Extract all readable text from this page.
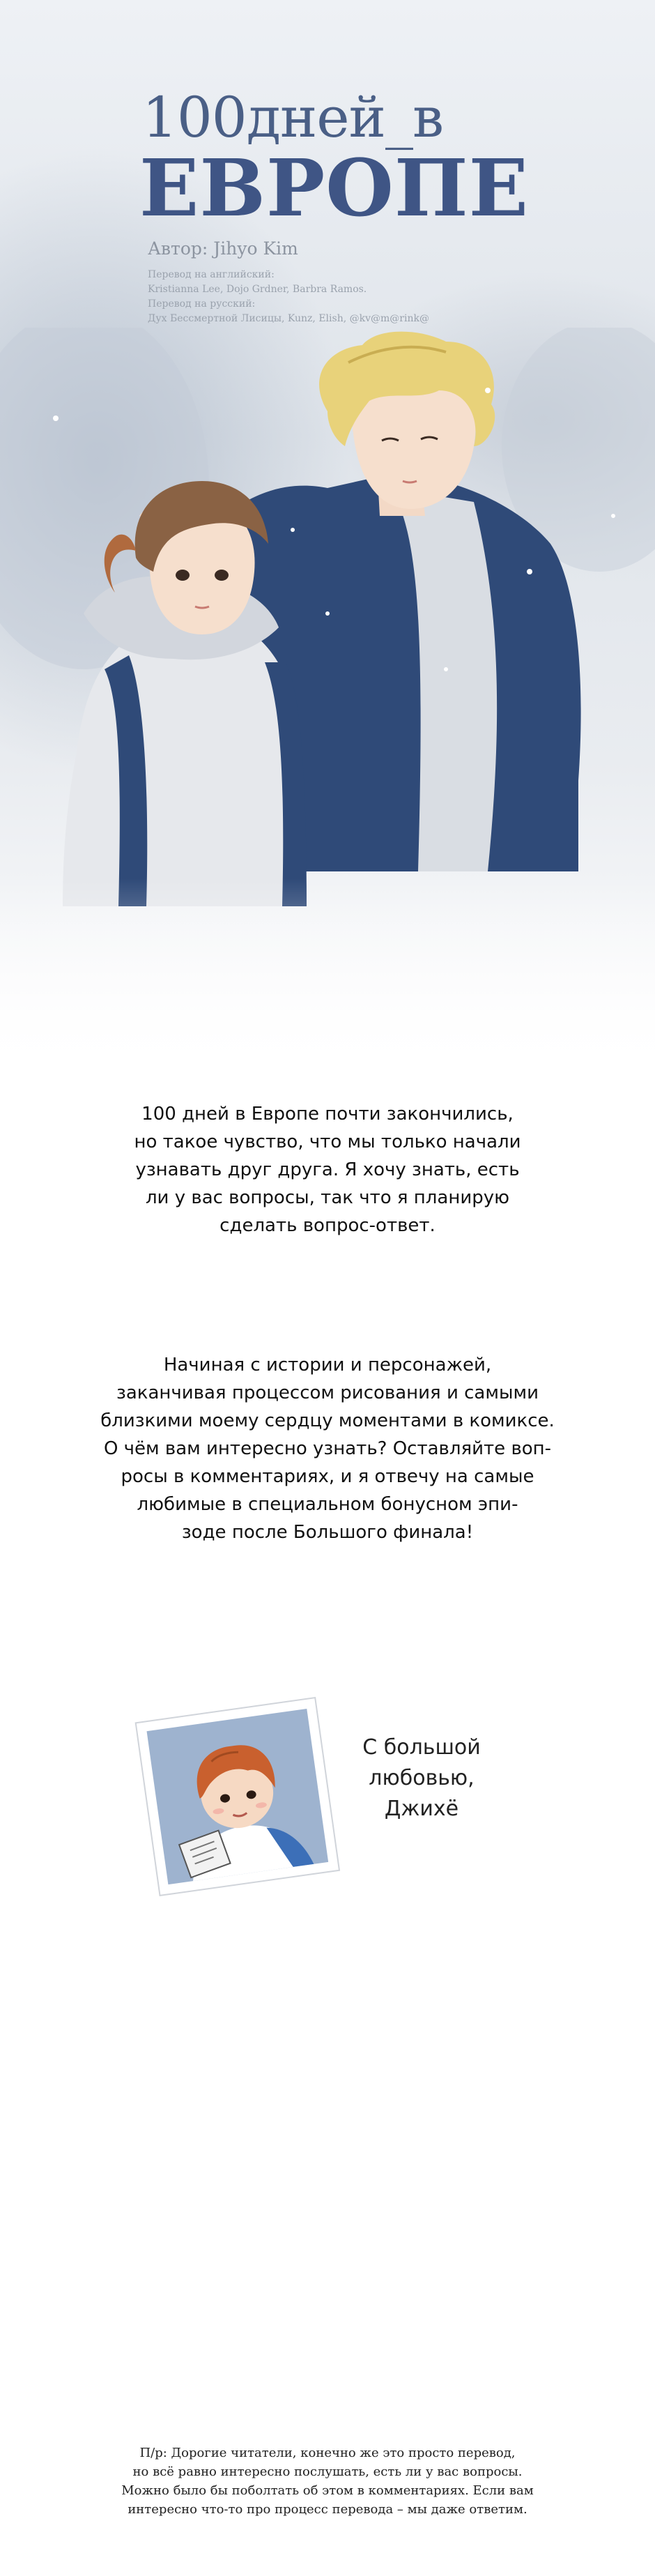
100дней_в
ЕВРОПЕ

Автор: Jihyo Kim

Перевод на английский:
Kristianna Lee, Dojo Grdner, Barbra Ramos.
Перевод на русский:
Дух Бессмертной Лисицы, Kunz, Elish, @kv@m@rink@

100 дней в Европе почти закончились,

но такое чувство, что мы только начали

узнавать друг друга. Я хочу знать, есть

ли у вас вопросы, так что я планирую

сделать вопрос-ответ.

Начиная с истории и персонажей,

заканчивая процессом рисования и самыми

близкими моему сердцу моментами в комиксе.

О чём вам интересно узнать? Оставляйте воп-

росы в комментариях, и я отвечу на самые

любимые в специальном бонусном эпи-

зоде после Большого финала!

С большой
любовью,
Джихё
П/р: Дорогие читатели, конечно же это просто перевод,
но всё равно интересно послушать, есть ли у вас вопросы.
Можно было бы поболтать об этом в комментариях. Если вам
интересно что-то про процесс перевода – мы даже ответим.
